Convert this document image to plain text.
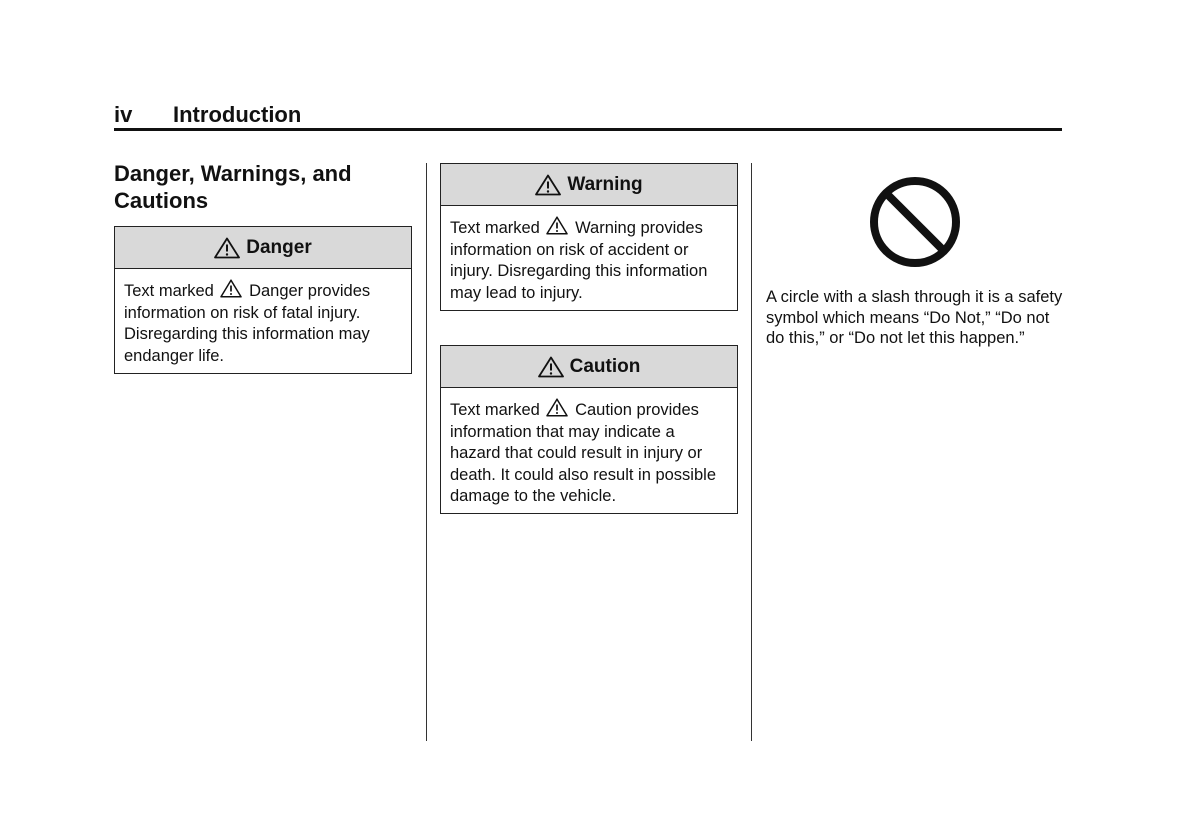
iv Introduction
Danger, Warnings, and Cautions
Danger
Text marked Danger provides information on risk of fatal injury. Disregarding this information may endanger life.
Warning
Text marked Warning provides information on risk of accident or injury. Disregarding this information may lead to injury.
Caution
Text marked Caution provides information that may indicate a hazard that could result in injury or death. It could also result in possible damage to the vehicle.

A circle with a slash through it is a safety symbol which means “Do Not,” “Do not do this,” or “Do not let this happen.”
